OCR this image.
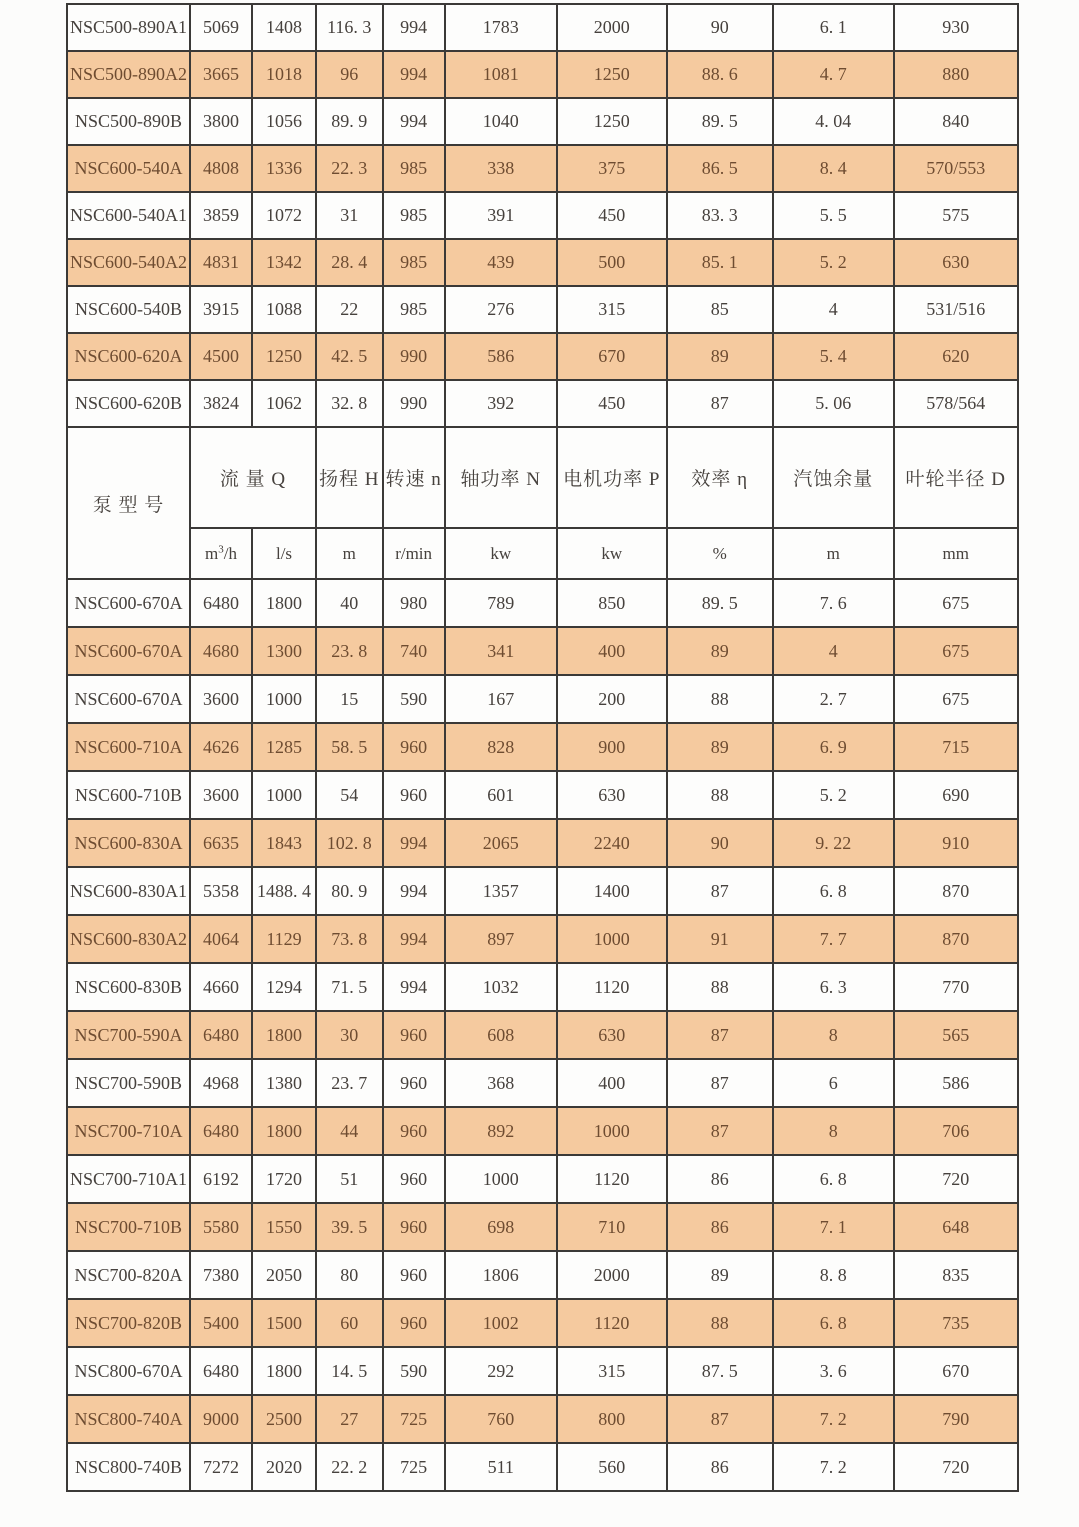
NSC500-890A1	5069	1408	116. 3	994	1783	2000	90	6. 1	930
NSC500-890A2	3665	1018	96	994	1081	1250	88. 6	4. 7	880
NSC500-890B	3800	1056	89. 9	994	1040	1250	89. 5	4. 04	840
NSC600-540A	4808	1336	22. 3	985	338	375	86. 5	8. 4	570/553
NSC600-540A1	3859	1072	31	985	391	450	83. 3	5. 5	575
NSC600-540A2	4831	1342	28. 4	985	439	500	85. 1	5. 2	630
NSC600-540B	3915	1088	22	985	276	315	85	4	531/516
NSC600-620A	4500	1250	42. 5	990	586	670	89	5. 4	620
NSC600-620B	3824	1062	32. 8	990	392	450	87	5. 06	578/564
泵 型 号	流 量 Q		扬程 H	转速 n	轴功率 N	电机功率 P	效率 η	汽蚀余量	叶轮半径 D
	$m^3/h$	l/s	m	r/min	kw	kw	%	m	mm
NSC600-670A	6480	1800	40	980	789	850	89. 5	7. 6	675
NSC600-670A	4680	1300	23. 8	740	341	400	89	4	675
NSC600-670A	3600	1000	15	590	167	200	88	2. 7	675
NSC600-710A	4626	1285	58. 5	960	828	900	89	6. 9	715
NSC600-710B	3600	1000	54	960	601	630	88	5. 2	690
NSC600-830A	6635	1843	102. 8	994	2065	2240	90	9. 22	910
NSC600-830A1	5358	1488. 4	80. 9	994	1357	1400	87	6. 8	870
NSC600-830A2	4064	1129	73. 8	994	897	1000	91	7. 7	870
NSC600-830B	4660	1294	71. 5	994	1032	1120	88	6. 3	770
NSC700-590A	6480	1800	30	960	608	630	87	8	565
NSC700-590B	4968	1380	23. 7	960	368	400	87	6	586
NSC700-710A	6480	1800	44	960	892	1000	87	8	706
NSC700-710A1	6192	1720	51	960	1000	1120	86	6. 8	720
NSC700-710B	5580	1550	39. 5	960	698	710	86	7. 1	648
NSC700-820A	7380	2050	80	960	1806	2000	89	8. 8	835
NSC700-820B	5400	1500	60	960	1002	1120	88	6. 8	735
NSC800-670A	6480	1800	14. 5	590	292	315	87. 5	3. 6	670
NSC800-740A	9000	2500	27	725	760	800	87	7. 2	790
NSC800-740B	7272	2020	22. 2	725	511	560	86	7. 2	720
